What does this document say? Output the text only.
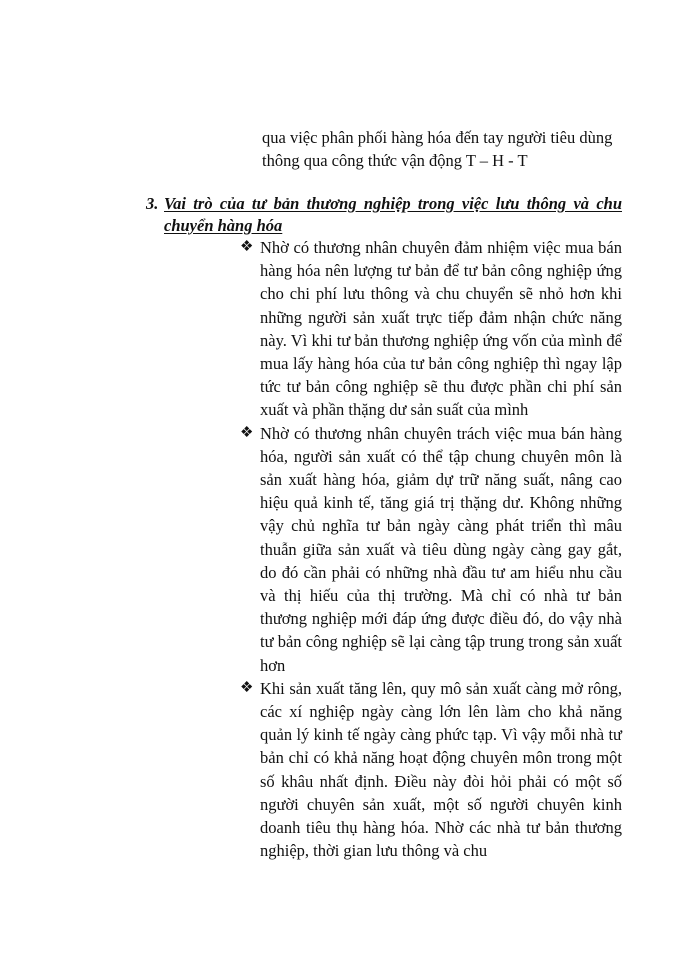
qua việc phân phối hàng hóa đến tay người tiêu dùng
thông qua công thức vận động T – H - T
3. Vai trò của tư bản thương nghiệp trong việc lưu thông và chu chuyển hàng hóa
❖ Nhờ có thương nhân chuyên đảm nhiệm việc mua bán hàng hóa nên lượng tư bản để tư bản công nghiệp ứng cho chi phí lưu thông và chu chuyển sẽ nhỏ hơn khi những người sản xuất trực tiếp đảm nhận chức năng này. Vì khi tư bản thương nghiệp ứng vốn của mình để mua lấy hàng hóa của tư bản công nghiệp thì ngay lập tức tư bản công nghiệp sẽ thu được phần chi phí sản xuất và phần thặng dư sản suất của mình
❖ Nhờ có thương nhân chuyên trách việc mua bán hàng hóa, người sản xuất có thể tập chung chuyên môn là sản xuất hàng hóa, giảm dự trữ năng suất, nâng cao hiệu quả kinh tế, tăng giá trị thặng dư. Không những vậy chủ nghĩa tư bản ngày càng phát triển thì mâu thuẫn giữa sản xuất và tiêu dùng ngày càng gay gắt, do đó cần phải có những nhà đầu tư am hiểu nhu cầu và thị hiếu của thị trường. Mà chỉ có nhà tư bản thương nghiệp mới đáp ứng được điều đó, do vậy nhà tư bản công nghiệp sẽ lại càng tập trung trong sản xuất hơn
❖ Khi sản xuất tăng lên, quy mô sản xuất càng mở rông, các xí nghiệp ngày càng lớn lên làm cho khả năng quản lý kinh tế ngày càng phức tạp. Vì vậy mỗi nhà tư bản chỉ có khả năng hoạt động chuyên môn trong một số khâu nhất định. Điều này đòi hỏi phải có một số người chuyên sản xuất, một số người chuyên kinh doanh tiêu thụ hàng hóa. Nhờ các nhà tư bản thương nghiệp, thời gian lưu thông và chu
